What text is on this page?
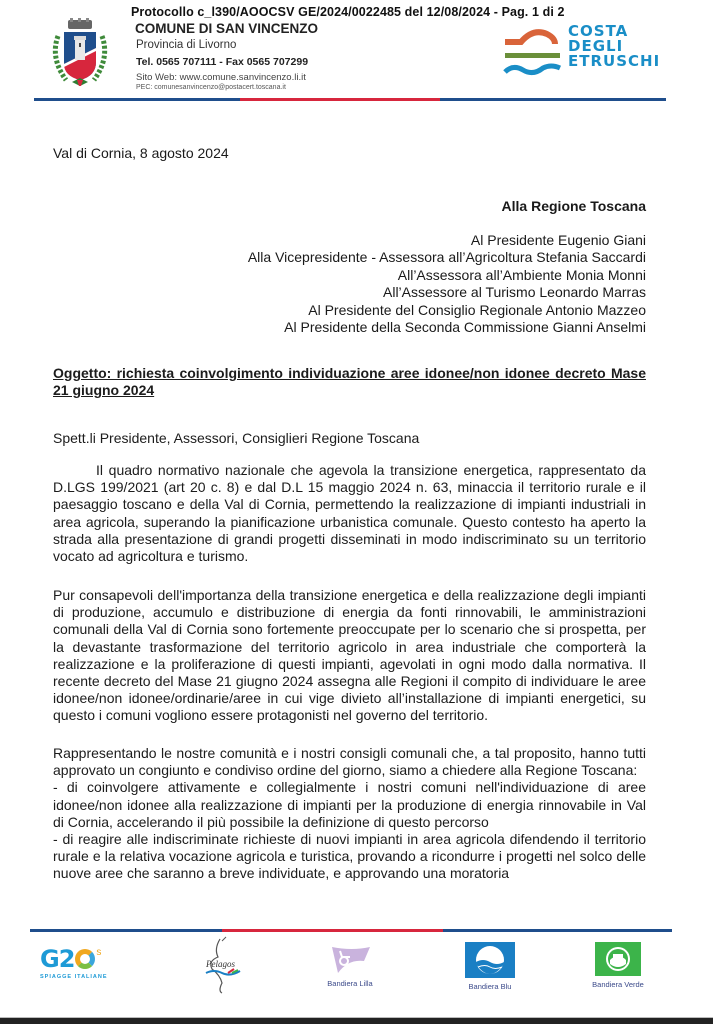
Protocollo c_l390/AOOCSV GE/2024/0022485 del 12/08/2024 - Pag. 1 di 2
COMUNE DI SAN VINCENZO
Provincia di Livorno
Tel. 0565 707111 - Fax 0565 707299
Sito Web: www.comune.sanvincenzo.li.it
PEC: comunesanvincenzo@postacert.toscana.it
COSTA
DEGLI
ETRUSCHI
Val di Cornia, 8 agosto 2024
Alla Regione Toscana
Al Presidente Eugenio Giani
Alla Vicepresidente - Assessora all’Agricoltura Stefania Saccardi
All’Assessora all’Ambiente Monia Monni
All’Assessore al Turismo Leonardo Marras
Al Presidente del Consiglio Regionale Antonio Mazzeo
Al Presidente della Seconda Commissione Gianni Anselmi
Oggetto: richiesta coinvolgimento individuazione aree idonee/non idonee decreto Mase 21 giugno 2024
Spett.li Presidente, Assessori, Consiglieri Regione Toscana
Il quadro normativo nazionale che agevola la transizione energetica, rappresentato da D.LGS 199/2021 (art 20 c. 8) e dal D.L 15 maggio 2024 n. 63, minaccia il territorio rurale e il paesaggio toscano e della Val di Cornia, permettendo la realizzazione di impianti industriali in area agricola, superando la pianificazione urbanistica comunale. Questo contesto ha aperto la strada alla presentazione di grandi progetti disseminati in modo indiscriminato su un territorio vocato ad agricoltura e turismo.
Pur consapevoli dell'importanza della transizione energetica e della realizzazione degli impianti di produzione, accumulo e distribuzione di energia da fonti rinnovabili, le amministrazioni comunali della Val di Cornia sono fortemente preoccupate per lo scenario che si prospetta, per la devastante trasformazione del territorio agricolo in area industriale che comporterà la realizzazione e la proliferazione di questi impianti, agevolati in ogni modo dalla normativa. Il recente decreto del Mase 21 giugno 2024 assegna alle Regioni il compito di individuare le aree idonee/non idonee/ordinarie/aree in cui vige divieto all’installazione di impianti energetici, su questo i comuni vogliono essere protagonisti nel governo del territorio.
Rappresentando le nostre comunità e i nostri consigli comunali che, a tal proposito, hanno tutti approvato un congiunto e condiviso ordine del giorno, siamo a chiedere alla Regione Toscana:
- di coinvolgere attivamente e collegialmente i nostri comuni nell'individuazione di aree idonee/non idonee alla realizzazione di impianti per la produzione di energia rinnovabile in Val di Cornia, accelerando il più possibile la definizione di questo percorso
- di reagire alle indiscriminate richieste di nuovi impianti in area agricola difendendo il territorio rurale e la relativa vocazione agricola e turistica, provando a ricondurre i progetti nel solco delle nuove aree che saranno a breve individuate, e approvando una moratoria
G2 $^s$
SPIAGGE ITALIANE
Pelagos
Bandiera Lilla	Bandiera Blu	Bandiera Verde
